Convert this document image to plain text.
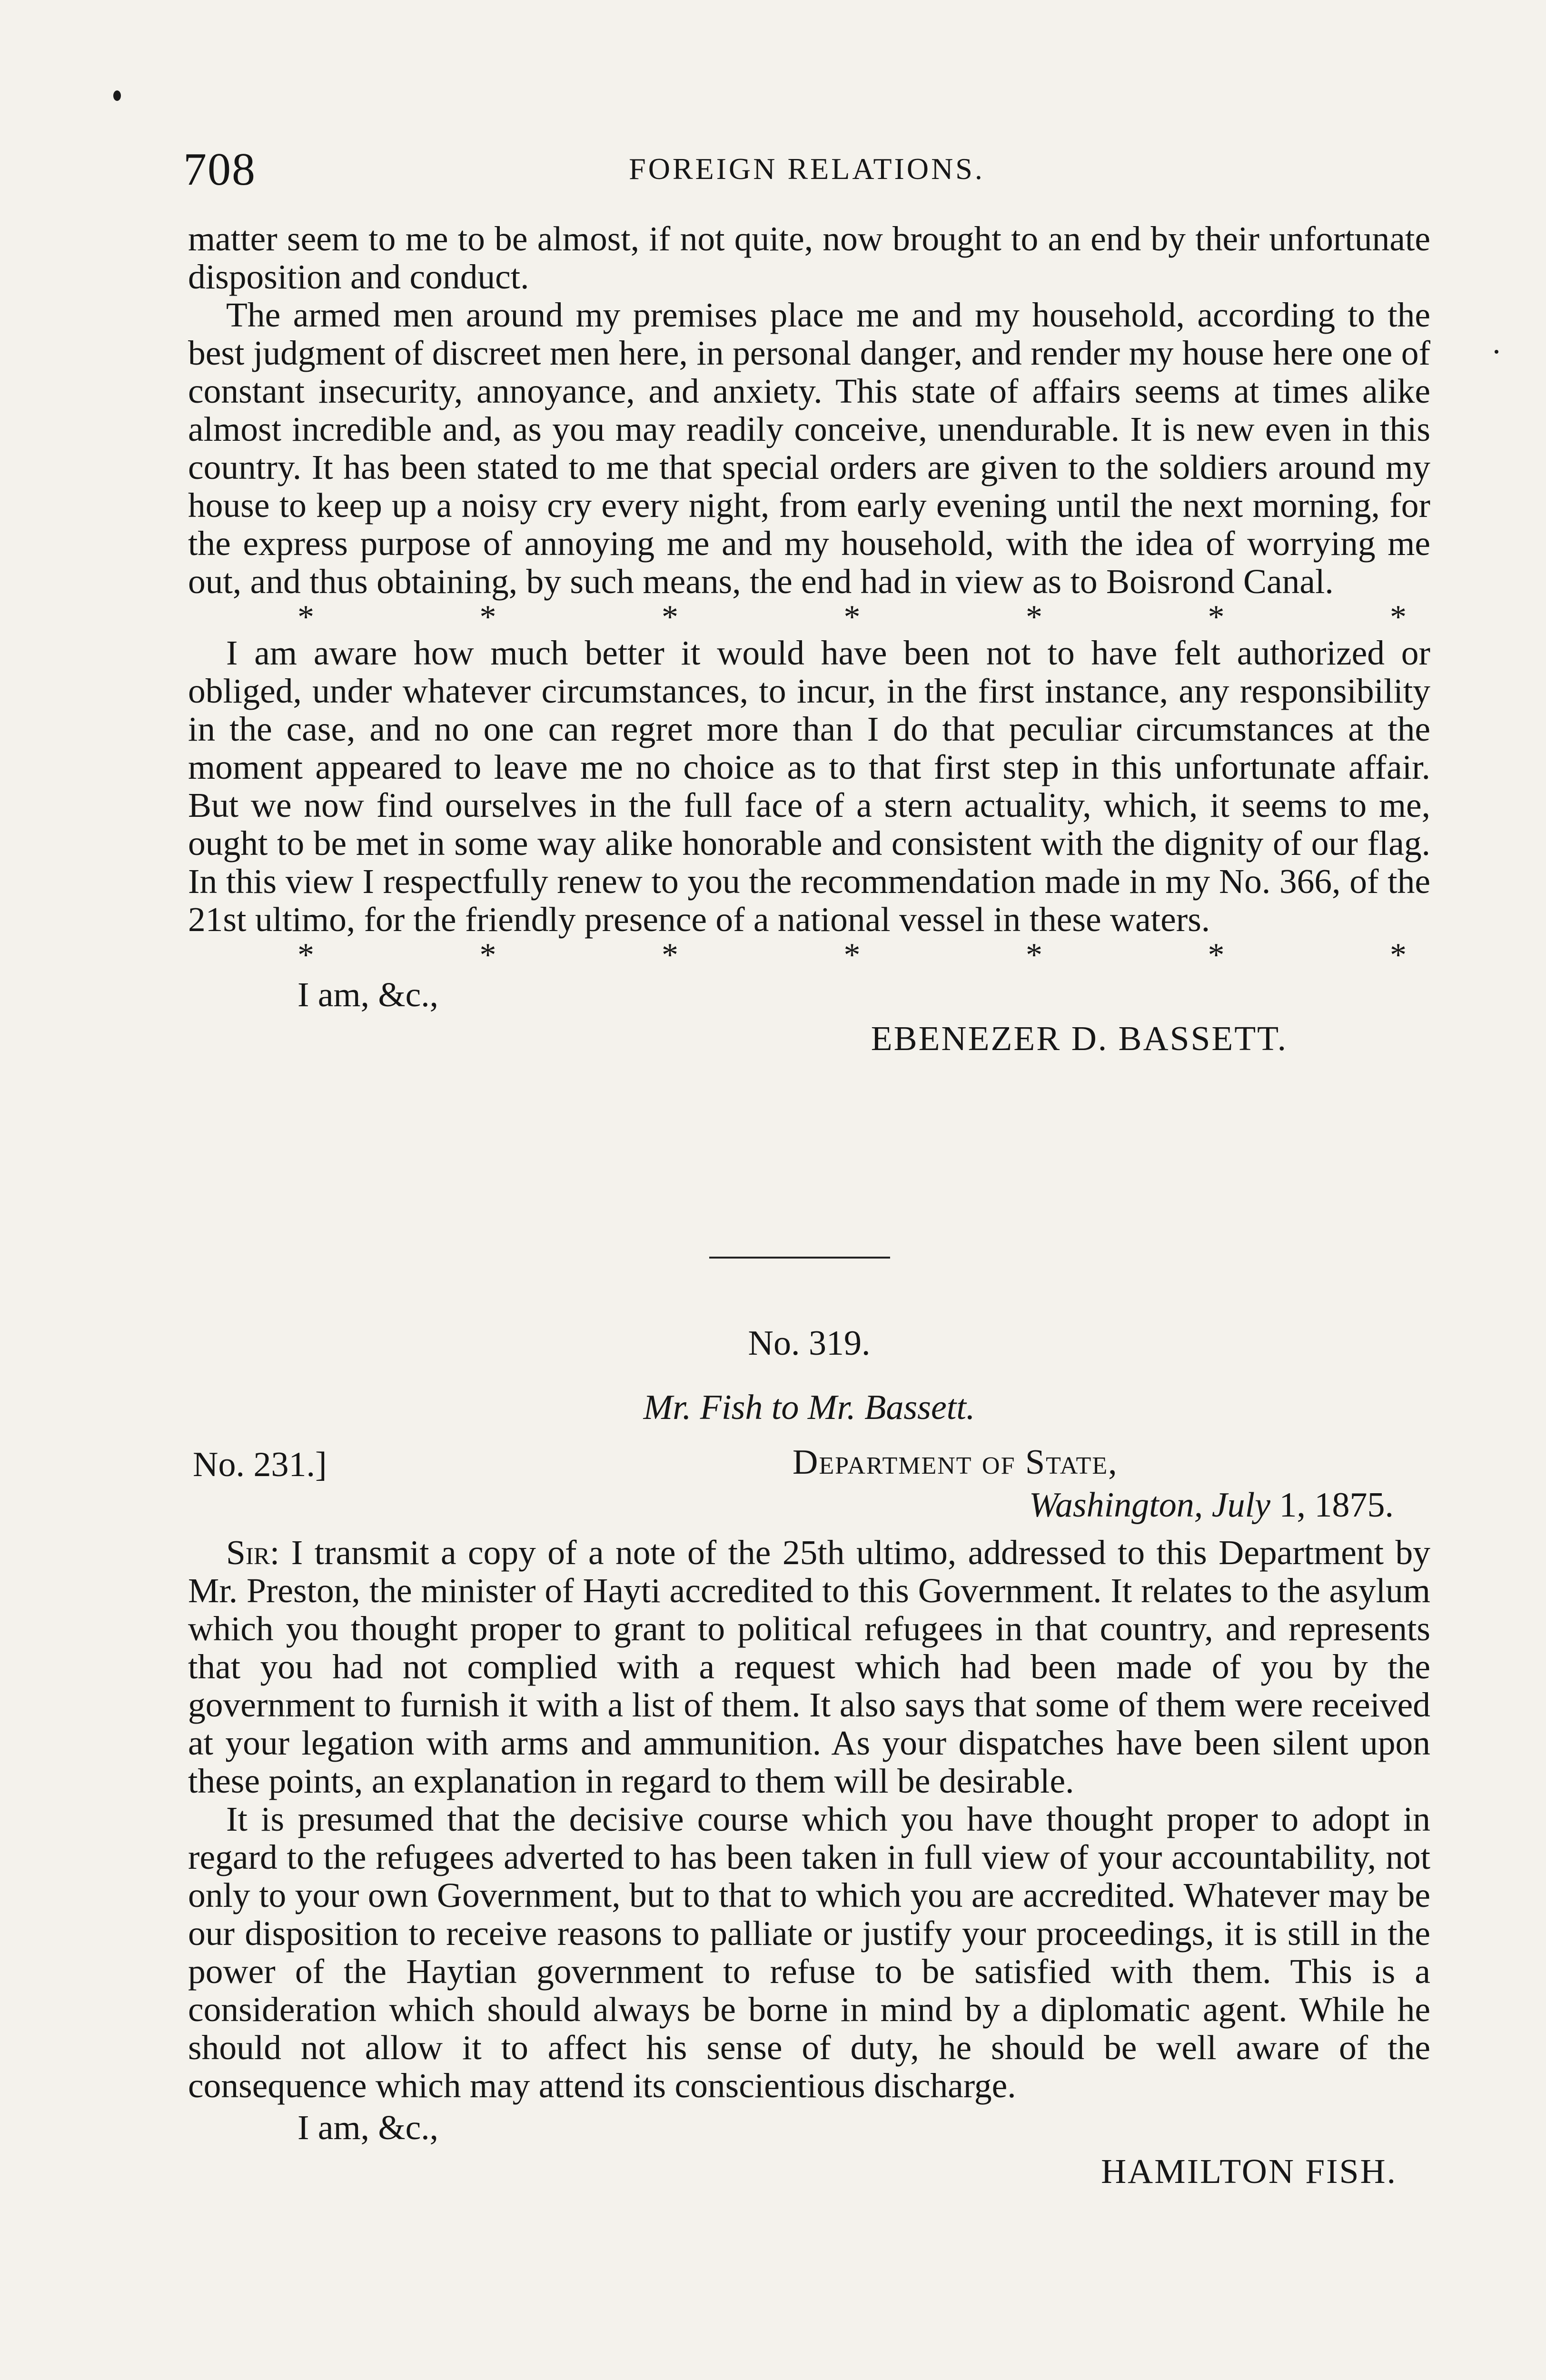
708	FOREIGN RELATIONS.

matter seem to me to be almost, if not quite, now brought to an end by their unfortunate disposition and conduct.

The armed men around my premises place me and my household, according to the best judgment of discreet men here, in personal danger, and render my house here one of constant insecurity, annoyance, and anxiety. This state of affairs seems at times alike almost incredible and, as you may readily conceive, unendurable. It is new even in this country. It has been stated to me that special orders are given to the soldiers around my house to keep up a noisy cry every night, from early evening until the next morning, for the express purpose of annoying me and my household, with the idea of worrying me out, and thus obtaining, by such means, the end had in view as to Boisrond Canal.

*	*	*	*	*	*	*

I am aware how much better it would have been not to have felt authorized or obliged, under whatever circumstances, to incur, in the first instance, any responsibility in the case, and no one can regret more than I do that peculiar circumstances at the moment appeared to leave me no choice as to that first step in this unfortunate affair. But we now find ourselves in the full face of a stern actuality, which, it seems to me, ought to be met in some way alike honorable and consistent with the dignity of our flag. In this view I respectfully renew to you the recommendation made in my No. 366, of the 21st ultimo, for the friendly presence of a national vessel in these waters.

*	*	*	*	*	*	*
I am, &c.,
EBENEZER D. BASSETT.
No. 319.
Mr. Fish to Mr. Bassett.
No. 231.]	Department of State,
Washington, July 1, 1875.

Sir: I transmit a copy of a note of the 25th ultimo, addressed to this Department by Mr. Preston, the minister of Hayti accredited to this Government. It relates to the asylum which you thought proper to grant to political refugees in that country, and represents that you had not complied with a request which had been made of you by the government to furnish it with a list of them. It also says that some of them were received at your legation with arms and ammunition. As your dispatches have been silent upon these points, an explanation in regard to them will be desirable.

It is presumed that the decisive course which you have thought proper to adopt in regard to the refugees adverted to has been taken in full view of your accountability, not only to your own Government, but to that to which you are accredited. Whatever may be our disposition to receive reasons to palliate or justify your proceedings, it is still in the power of the Haytian government to refuse to be satisfied with them. This is a consideration which should always be borne in mind by a diplomatic agent. While he should not allow it to affect his sense of duty, he should be well aware of the consequence which may attend its conscientious discharge.

I am, &c.,
HAMILTON FISH.
